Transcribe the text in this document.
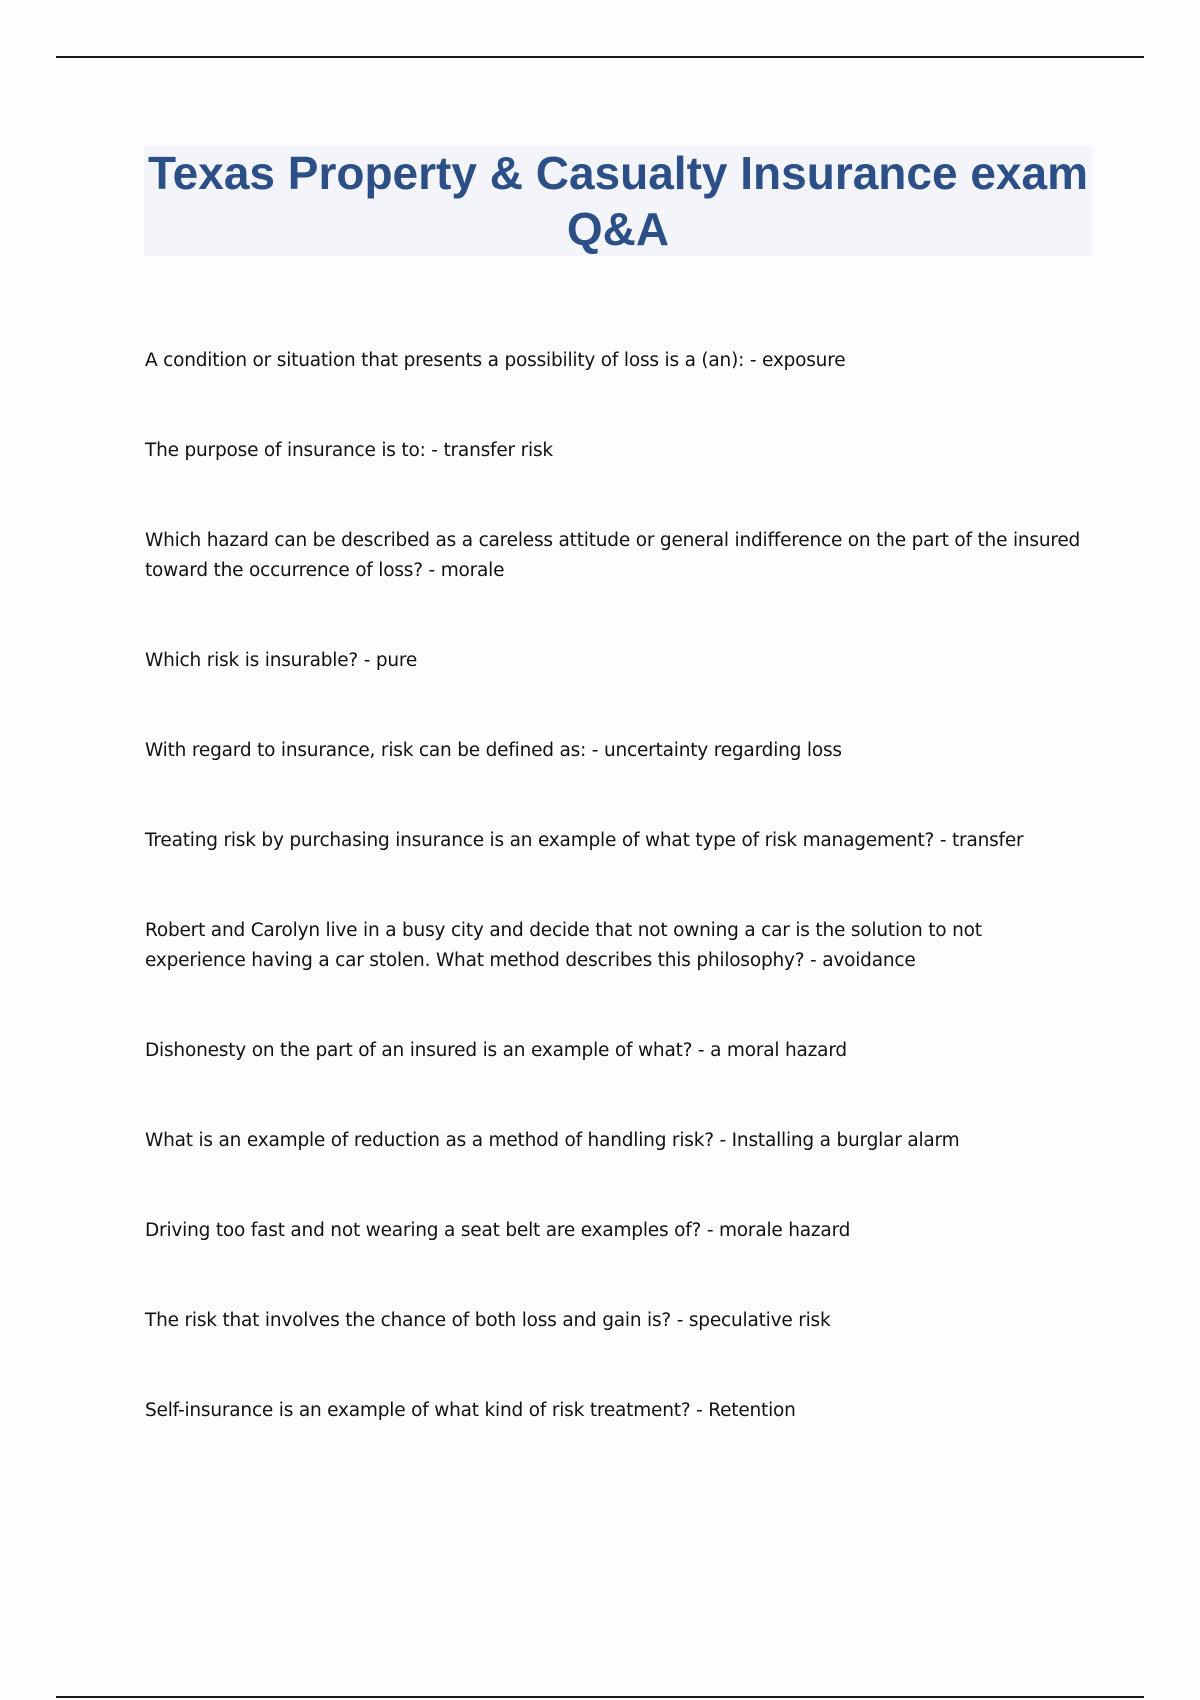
Texas Property & Casualty Insurance exam Q&A
A condition or situation that presents a possibility of loss is a (an): - exposure
The purpose of insurance is to: - transfer risk
Which hazard can be described as a careless attitude or general indifference on the part of the insured toward the occurrence of loss? - morale
Which risk is insurable? - pure
With regard to insurance, risk can be defined as: - uncertainty regarding loss
Treating risk by purchasing insurance is an example of what type of risk management? - transfer
Robert and Carolyn live in a busy city and decide that not owning a car is the solution to not experience having a car stolen. What method describes this philosophy? - avoidance
Dishonesty on the part of an insured is an example of what? - a moral hazard
What is an example of reduction as a method of handling risk? - Installing a burglar alarm
Driving too fast and not wearing a seat belt are examples of? - morale hazard
The risk that involves the chance of both loss and gain is? - speculative risk
Self-insurance is an example of what kind of risk treatment? - Retention
